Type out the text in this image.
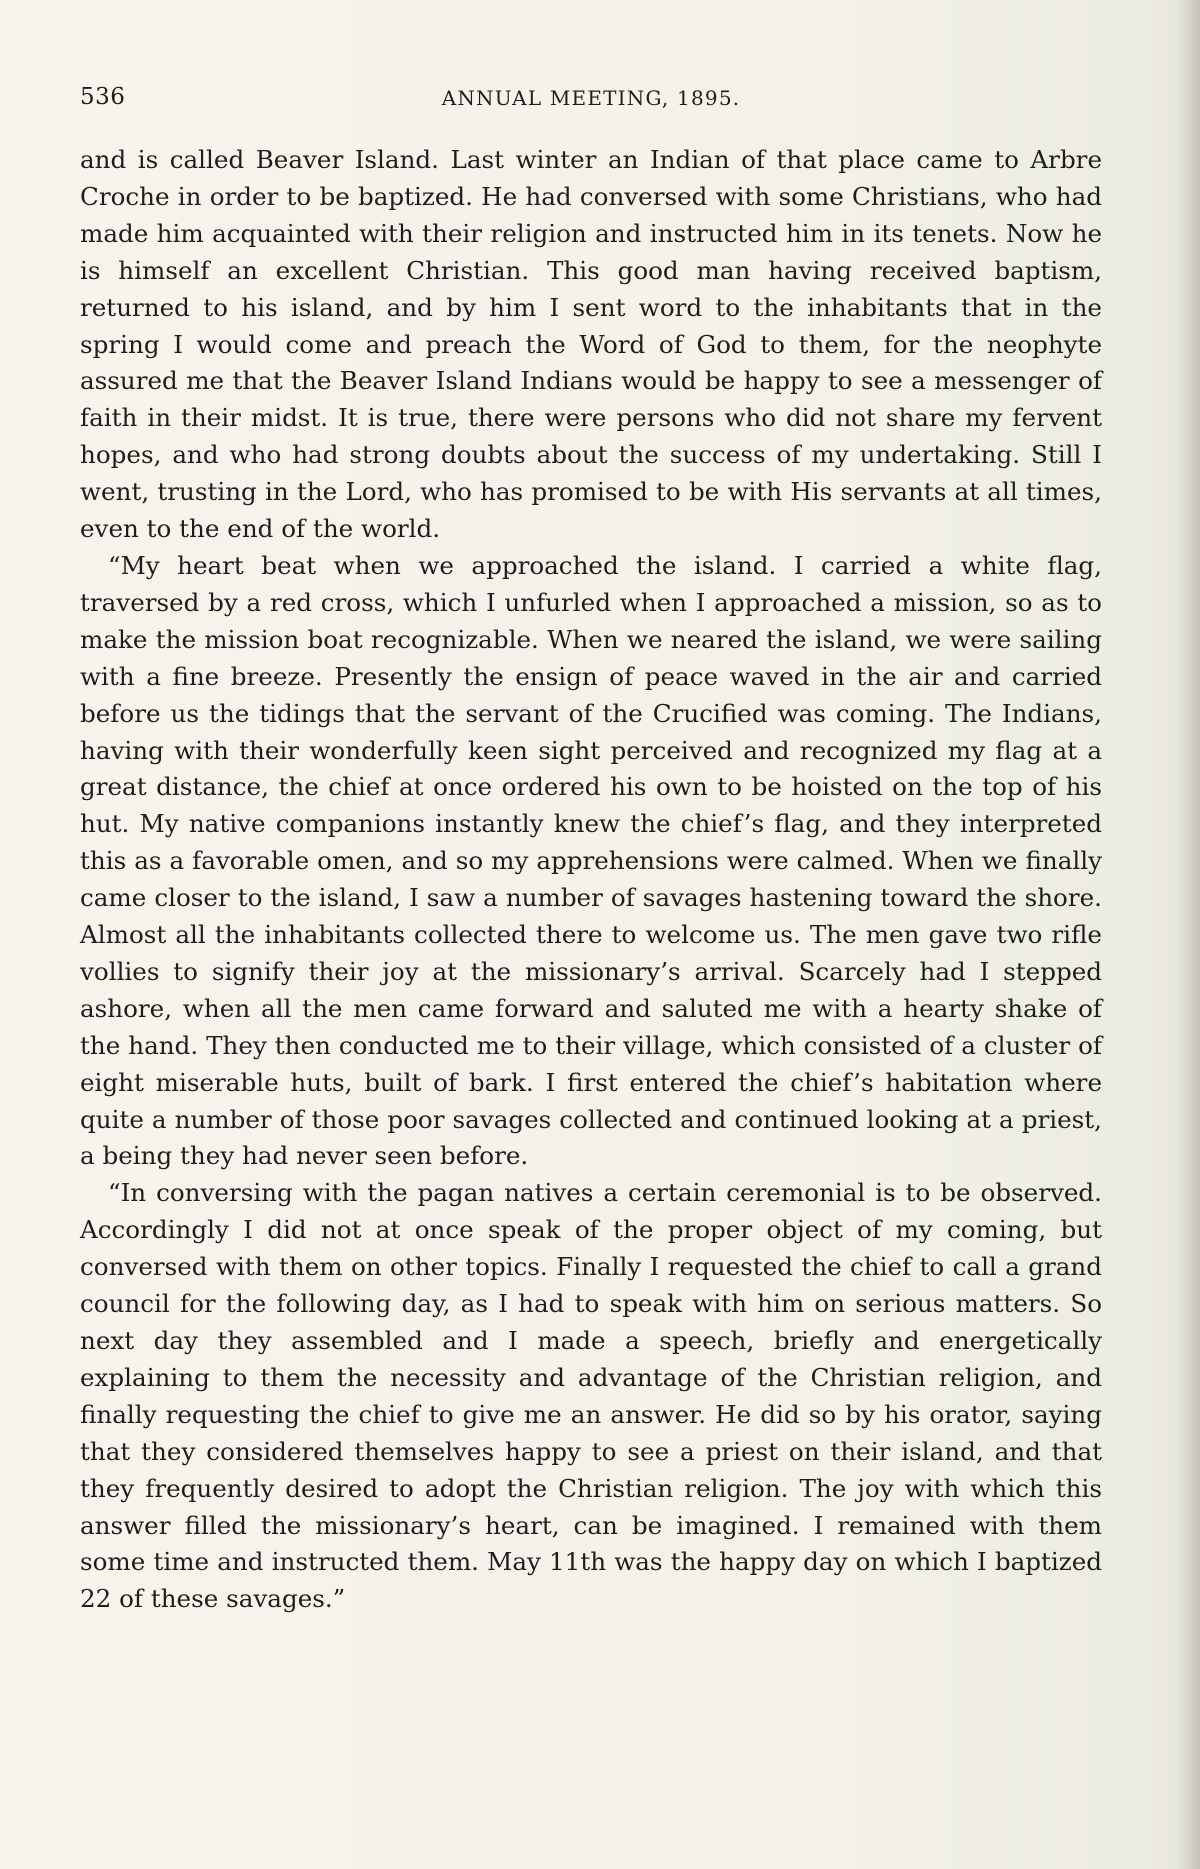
536	ANNUAL MEETING, 1895.

and is called Beaver Island. Last winter an Indian of that place came to Arbre Croche in order to be baptized. He had conversed with some Christians, who had made him acquainted with their religion and instructed him in its tenets. Now he is himself an excellent Christian. This good man having received baptism, returned to his island, and by him I sent word to the inhabitants that in the spring I would come and preach the Word of God to them, for the neophyte assured me that the Beaver Island Indians would be happy to see a messenger of faith in their midst. It is true, there were persons who did not share my fervent hopes, and who had strong doubts about the success of my undertaking. Still I went, trusting in the Lord, who has promised to be with His servants at all times, even to the end of the world.

“My heart beat when we approached the island. I carried a white flag, traversed by a red cross, which I unfurled when I approached a mission, so as to make the mission boat recognizable. When we neared the island, we were sailing with a fine breeze. Presently the ensign of peace waved in the air and carried before us the tidings that the servant of the Crucified was coming. The Indians, having with their wonderfully keen sight perceived and recognized my flag at a great distance, the chief at once ordered his own to be hoisted on the top of his hut. My native companions instantly knew the chief’s flag, and they interpreted this as a favorable omen, and so my apprehensions were calmed. When we finally came closer to the island, I saw a number of savages hastening toward the shore. Almost all the inhabitants collected there to welcome us. The men gave two rifle vollies to signify their joy at the missionary’s arrival. Scarcely had I stepped ashore, when all the men came forward and saluted me with a hearty shake of the hand. They then conducted me to their village, which consisted of a cluster of eight miserable huts, built of bark. I first entered the chief’s habitation where quite a number of those poor savages collected and continued looking at a priest, a being they had never seen before.

“In conversing with the pagan natives a certain ceremonial is to be observed. Accordingly I did not at once speak of the proper object of my coming, but conversed with them on other topics. Finally I requested the chief to call a grand council for the following day, as I had to speak with him on serious matters. So next day they assembled and I made a speech, briefly and energetically explaining to them the necessity and advantage of the Christian religion, and finally requesting the chief to give me an answer. He did so by his orator, saying that they considered themselves happy to see a priest on their island, and that they frequently desired to adopt the Christian religion. The joy with which this answer filled the missionary’s heart, can be imagined. I remained with them some time and instructed them. May 11th was the happy day on which I baptized 22 of these savages.”
